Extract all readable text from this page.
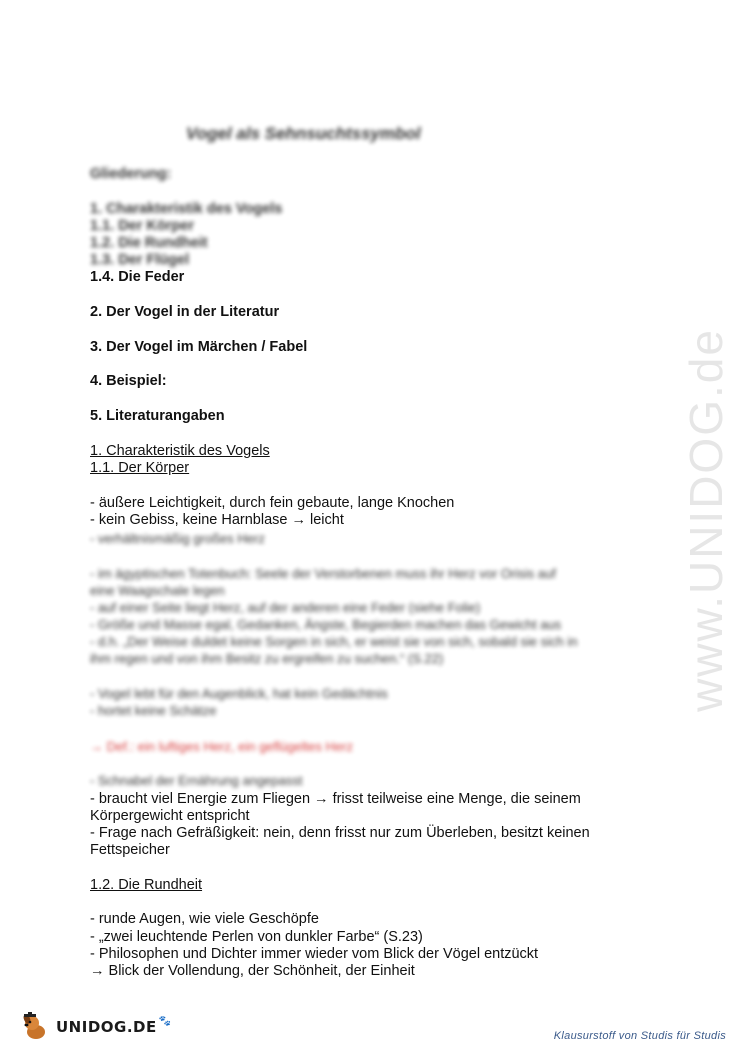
www.UNIDOG.de
Vogel als Sehnsuchtssymbol
Gliederung:
1. Charakteristik des Vogels
1.1. Der Körper
1.2. Die Rundheit
1.3. Der Flügel
1.4. Die Feder
2. Der Vogel in der Literatur
3. Der Vogel im Märchen / Fabel
4. Beispiel:
5. Literaturangaben
1. Charakteristik des Vogels
1.1. Der Körper
- äußere Leichtigkeit, durch fein gebaute, lange Knochen
- kein Gebiss, keine Harnblase → leicht
- verhältnismäßig großes Herz
- im ägyptischen Totenbuch: Seele der Verstorbenen muss ihr Herz vor Orisis auf
eine Waagschale legen
- auf einer Seite liegt Herz, auf der anderen eine Feder (siehe Folie)
- Größe und Masse egal, Gedanken, Ängste, Begierden machen das Gewicht aus
- d.h. „Der Weise duldet keine Sorgen in sich, er weist sie von sich, sobald sie sich in
ihm regen und von ihm Besitz zu ergreifen zu suchen.“ (S.22)
- Vogel lebt für den Augenblick, hat kein Gedächtnis
- hortet keine Schätze
→ Def.: ein luftiges Herz, ein geflügeltes Herz
- Schnabel der Ernährung angepasst
- braucht viel Energie zum Fliegen → frisst teilweise eine Menge, die seinem
Körpergewicht entspricht
- Frage nach Gefräßigkeit: nein, denn frisst nur zum Überleben, besitzt keinen
Fettspeicher
1.2. Die Rundheit
- runde Augen, wie viele Geschöpfe
- „zwei leuchtende Perlen von dunkler Farbe“ (S.23)
- Philosophen und Dichter immer wieder vom Blick der Vögel entzückt
→ Blick der Vollendung, der Schönheit, der Einheit
UNIDOG.DE 🐾
Klausurstoff von Studis für Studis
